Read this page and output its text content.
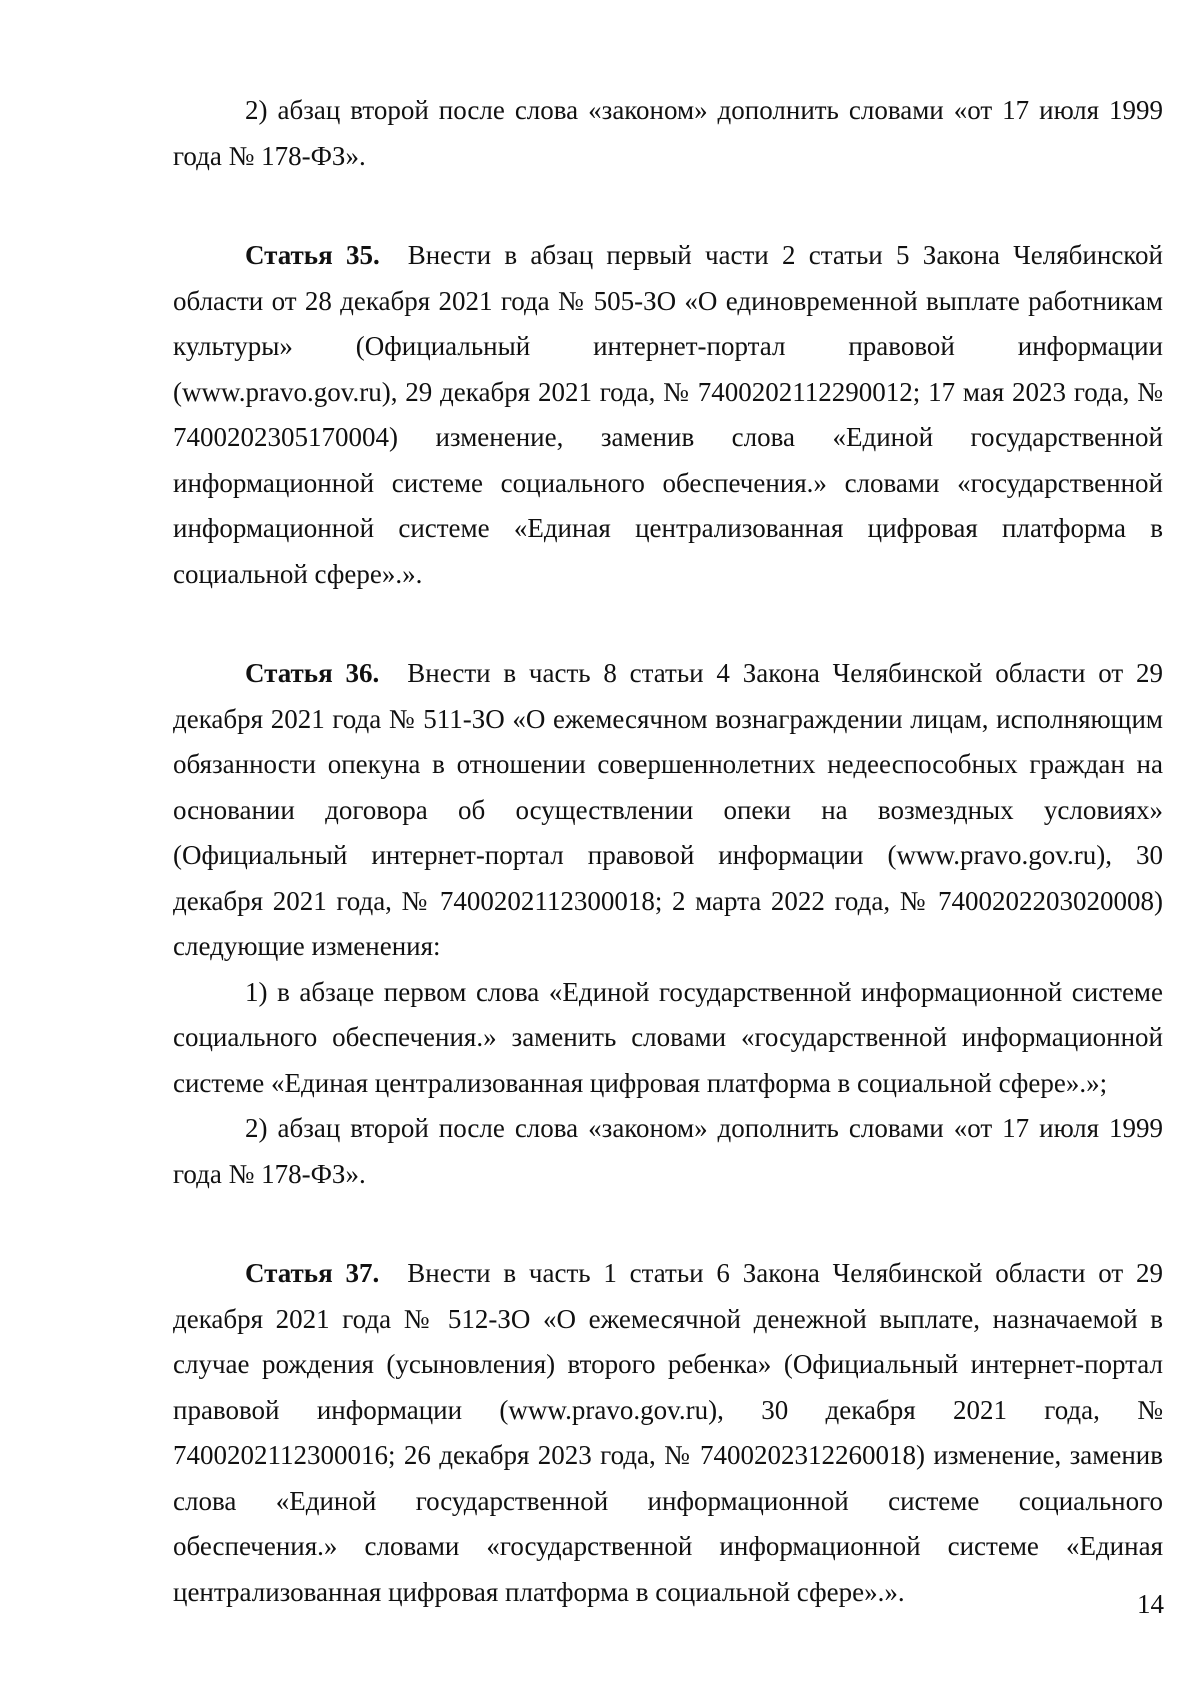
2) абзац второй после слова «законом» дополнить словами «от 17 июля 1999 года № 178-ФЗ».

Статья 35. Внести в абзац первый части 2 статьи 5 Закона Челябинской области от 28 декабря 2021 года № 505-ЗО «О единовременной выплате работникам культуры» (Официальный интернет-портал правовой информации (www.pravo.gov.ru), 29 декабря 2021 года, № 7400202112290012; 17 мая 2023 года, № 7400202305170004) изменение, заменив слова «Единой государственной информационной системе социального обеспечения.» словами «государственной информационной системе «Единая централизованная цифровая платформа в социальной сфере».».

Статья 36. Внести в часть 8 статьи 4 Закона Челябинской области от 29 декабря 2021 года № 511-ЗО «О ежемесячном вознаграждении лицам, исполняющим обязанности опекуна в отношении совершеннолетних недееспособных граждан на основании договора об осуществлении опеки на возмездных условиях» (Официальный интернет-портал правовой информации (www.pravo.gov.ru), 30 декабря 2021 года, № 7400202112300018; 2 марта 2022 года, № 7400202203020008) следующие изменения:

1) в абзаце первом слова «Единой государственной информационной системе социального обеспечения.» заменить словами «государственной информационной системе «Единая централизованная цифровая платформа в социальной сфере».»;

2) абзац второй после слова «законом» дополнить словами «от 17 июля 1999 года № 178-ФЗ».

Статья 37. Внести в часть 1 статьи 6 Закона Челябинской области от 29 декабря 2021 года № 512-ЗО «О ежемесячной денежной выплате, назначаемой в случае рождения (усыновления) второго ребенка» (Официальный интернет-портал правовой информации (www.pravo.gov.ru), 30 декабря 2021 года, № 7400202112300016; 26 декабря 2023 года, № 7400202312260018) изменение, заменив слова «Единой государственной информационной системе социального обеспечения.» словами «государственной информационной системе «Единая централизованная цифровая платформа в социальной сфере».».	14
